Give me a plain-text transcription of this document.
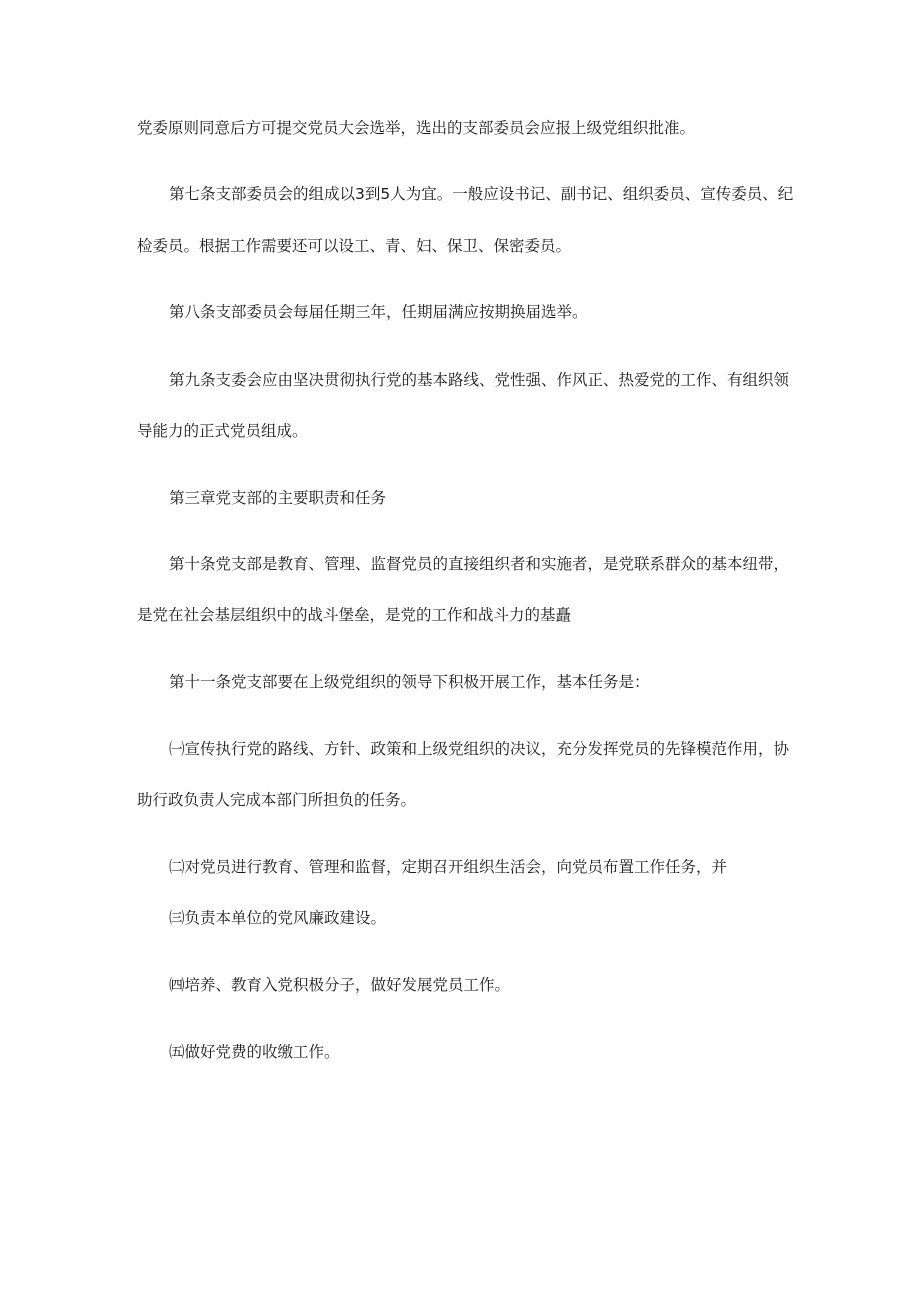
党委原则同意后方可提交党员大会选举，选出的支部委员会应报上级党组织批准。
第七条支部委员会的组成以3到5人为宜。一般应设书记、副书记、组织委员、宣传委员、纪
检委员。根据工作需要还可以设工、青、妇、保卫、保密委员。
第八条支部委员会每届任期三年，任期届满应按期换届选举。
第九条支委会应由坚决贯彻执行党的基本路线、党性强、作风正、热爱党的工作、有组织领
导能力的正式党员组成。
第三章党支部的主要职责和任务
第十条党支部是教育、管理、监督党员的直接组织者和实施者，是党联系群众的基本纽带，
是党在社会基层组织中的战斗堡垒，是党的工作和战斗力的基矗
第十一条党支部要在上级党组织的领导下积极开展工作，基本任务是：
㈠宣传执行党的路线、方针、政策和上级党组织的决议，充分发挥党员的先锋模范作用，协
助行政负责人完成本部门所担负的任务。
㈡对党员进行教育、管理和监督，定期召开组织生活会，向党员布置工作任务，并
㈢负责本单位的党风廉政建设。
㈣培养、教育入党积极分子，做好发展党员工作。
㈤做好党费的收缴工作。
